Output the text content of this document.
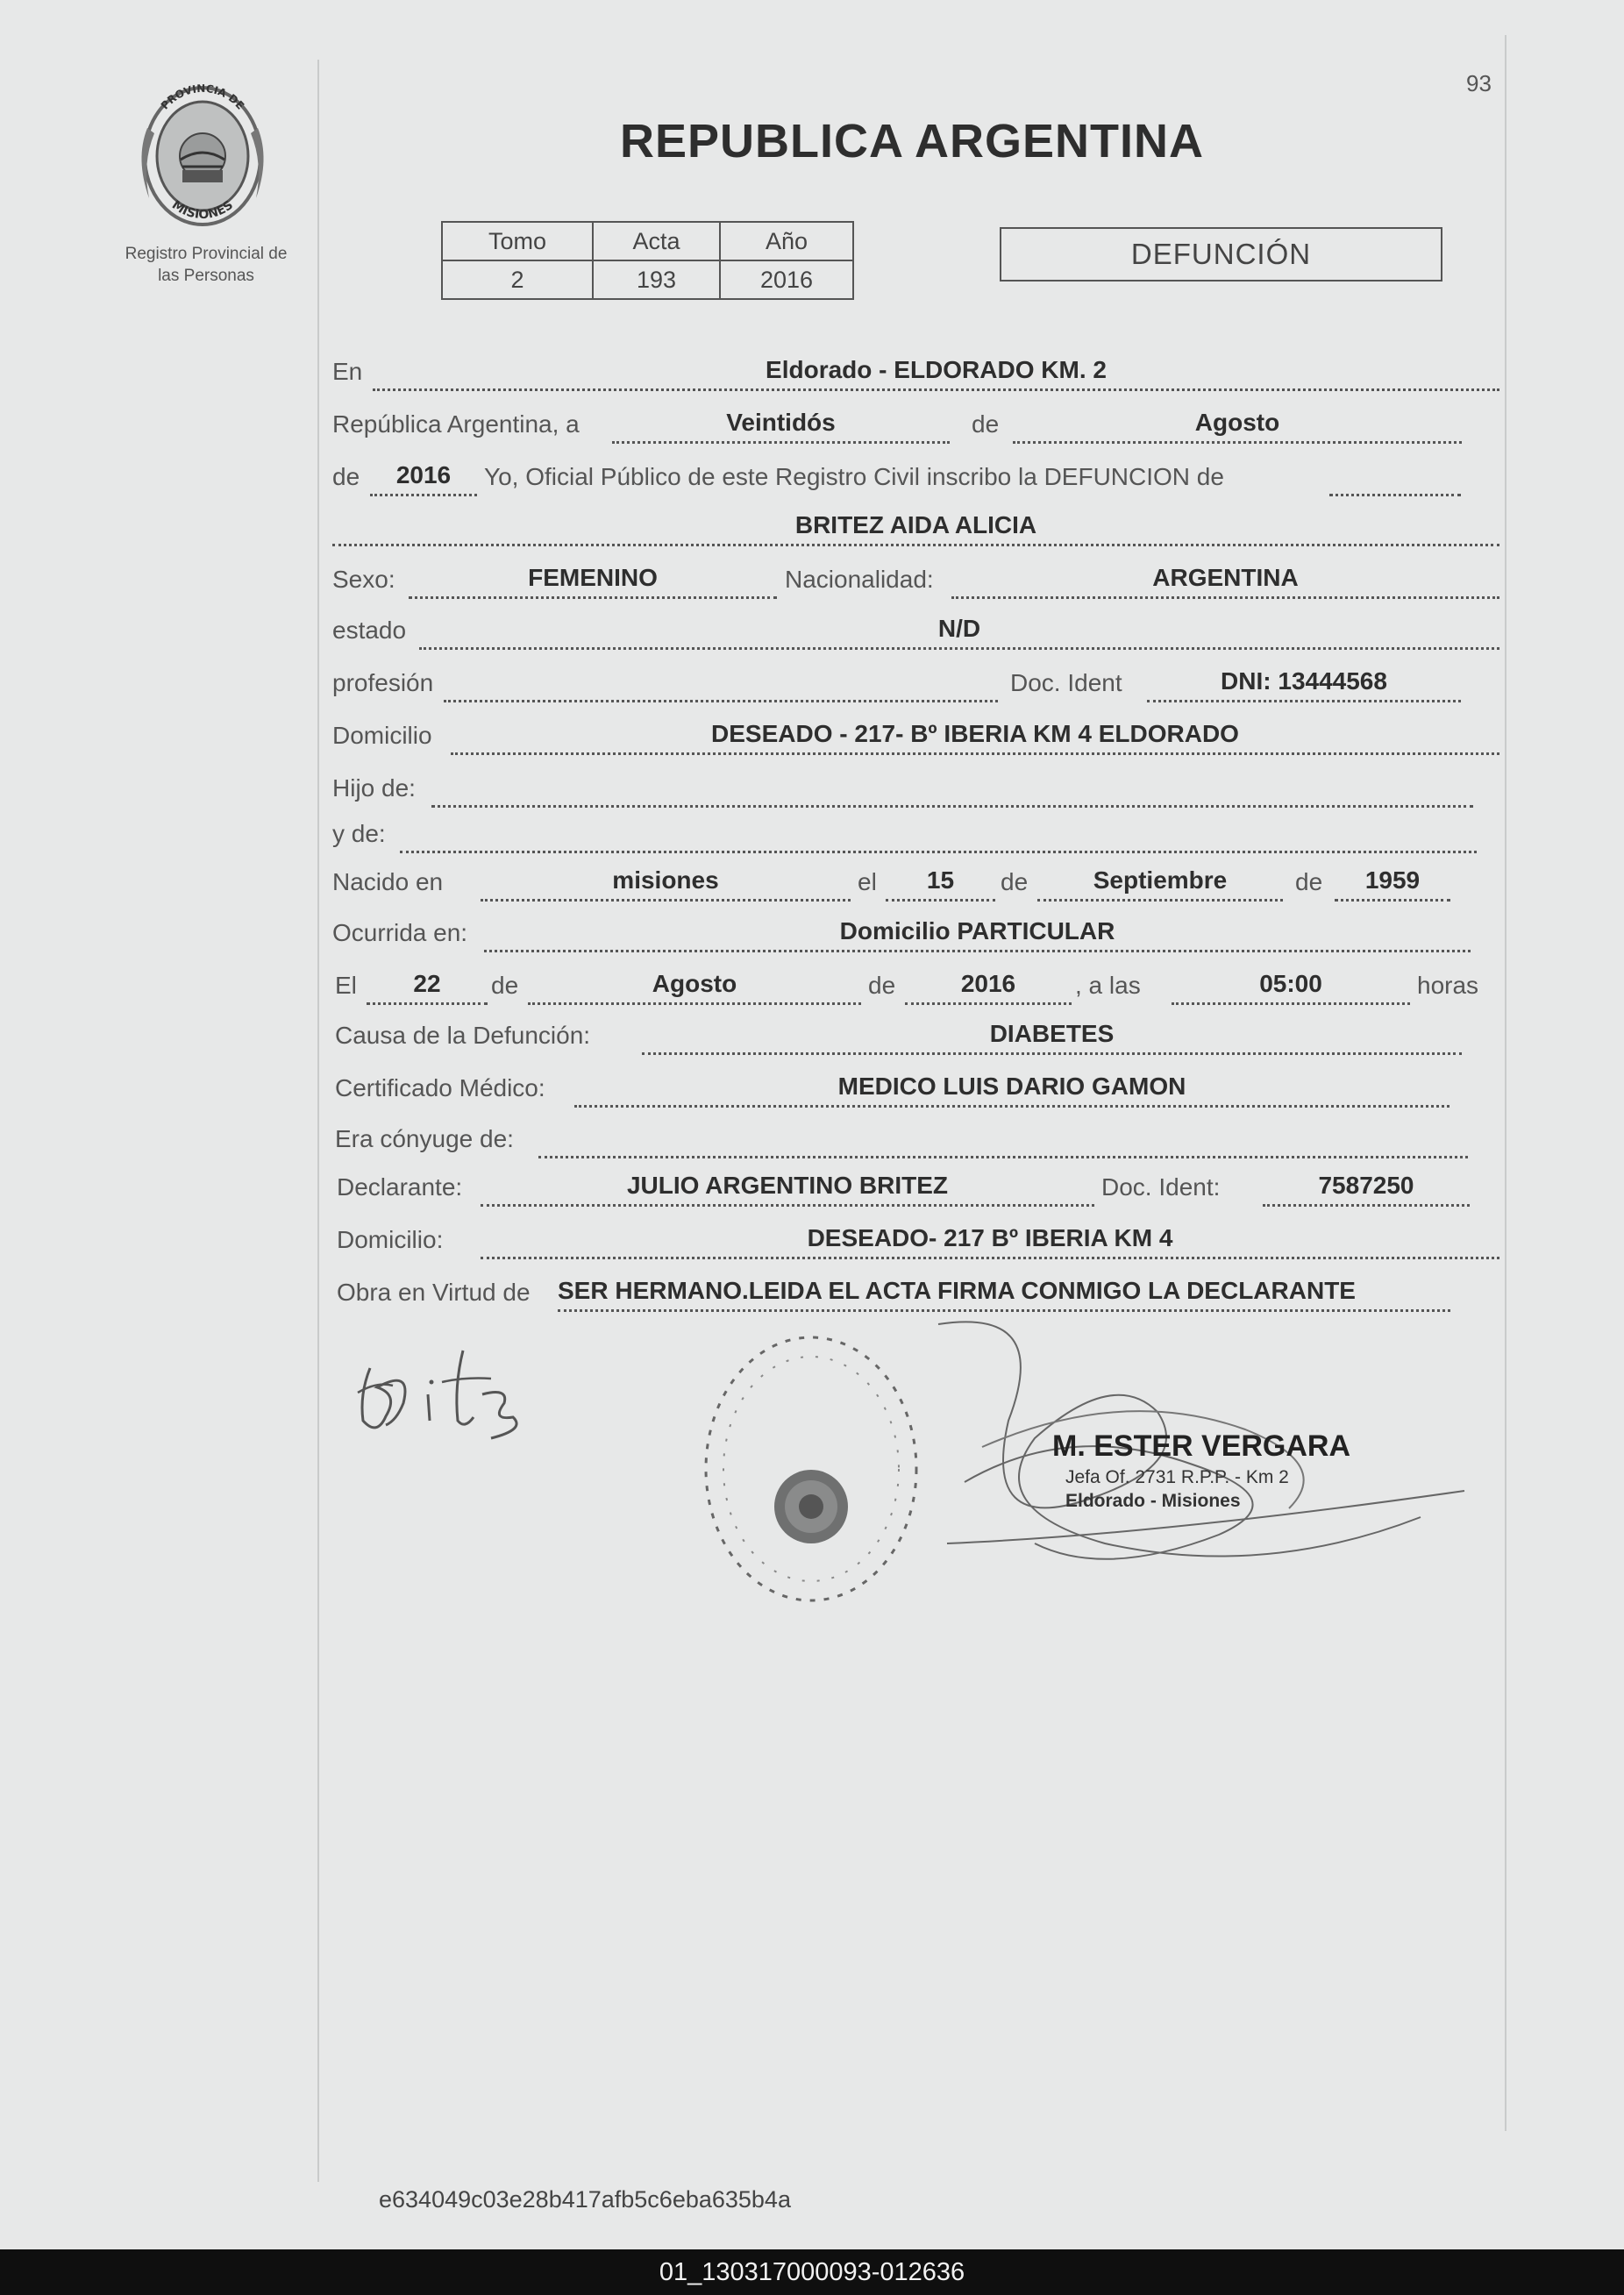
93
PROVINCIA DE
MISIONES
Registro Provincial de
las Personas
REPUBLICA ARGENTINA
Tomo	Acta	Año
2	193	2016
DEFUNCIÓN
En	Eldorado - ELDORADO KM. 2
República Argentina, a	Veintidós	de	Agosto
de	2016	Yo, Oficial Público de este Registro Civil inscribo la DEFUNCION de
BRITEZ AIDA ALICIA
Sexo:	FEMENINO	Nacionalidad:	ARGENTINA
estado	N/D
profesión	Doc. Ident	DNI: 13444568
Domicilio	DESEADO - 217- Bº IBERIA KM 4 ELDORADO
Hijo de:
y de:
Nacido en	misiones	el	15	de	Septiembre	de	1959
Ocurrida en:	Domicilio PARTICULAR
El	22	de	Agosto	de	2016	, a las	05:00	horas
Causa de la Defunción:	DIABETES
Certificado Médico:	MEDICO LUIS DARIO GAMON
Era cónyuge de:
Declarante:	JULIO ARGENTINO BRITEZ	Doc. Ident:	7587250
Domicilio:	DESEADO- 217 Bº IBERIA KM 4
Obra en Virtud de SER HERMANO.LEIDA EL ACTA FIRMA CONMIGO LA DECLARANTE
M. ESTER VERGARA
Jefa Of. 2731 R.P.P. - Km 2
Eldorado - Misiones
e634049c03e28b417afb5c6eba635b4a
01_130317000093-012636
